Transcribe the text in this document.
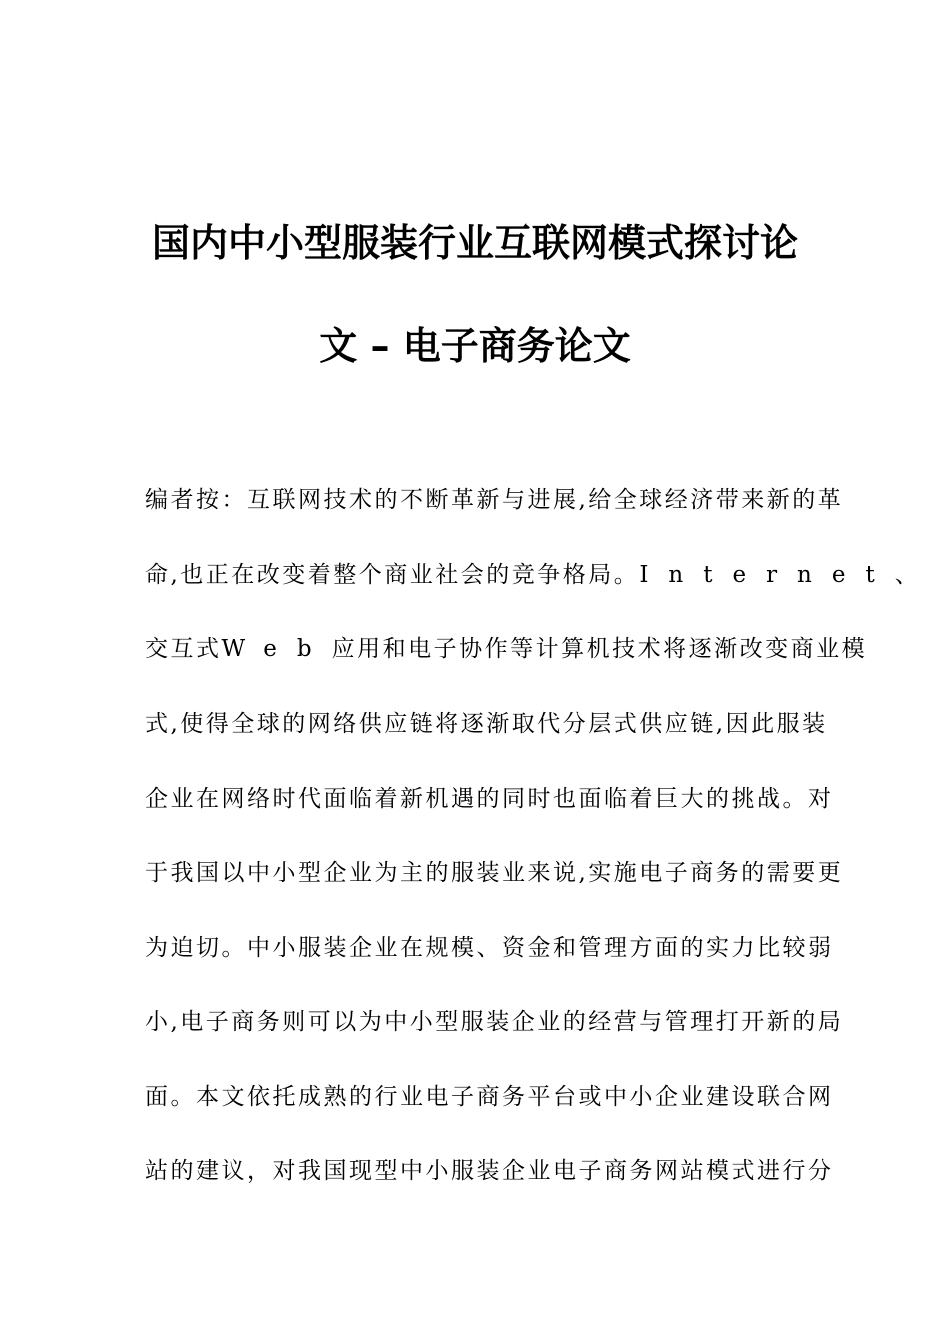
国内中小型服装行业互联网模式探讨论
文 – 电子商务论文
编者按：互联网技术的不断革新与进展,给全球经济带来新的革
命,也正在改变着整个商业社会的竞争格局。Internet、
交互式Web应用和电子协作等计算机技术将逐渐改变商业模
式,使得全球的网络供应链将逐渐取代分层式供应链,因此服装
企业在网络时代面临着新机遇的同时也面临着巨大的挑战。对
于我国以中小型企业为主的服装业来说,实施电子商务的需要更
为迫切。中小服装企业在规模、资金和管理方面的实力比较弱
小,电子商务则可以为中小型服装企业的经营与管理打开新的局
面。本文依托成熟的行业电子商务平台或中小企业建设联合网
站的建议，对我国现型中小服装企业电子商务网站模式进行分
